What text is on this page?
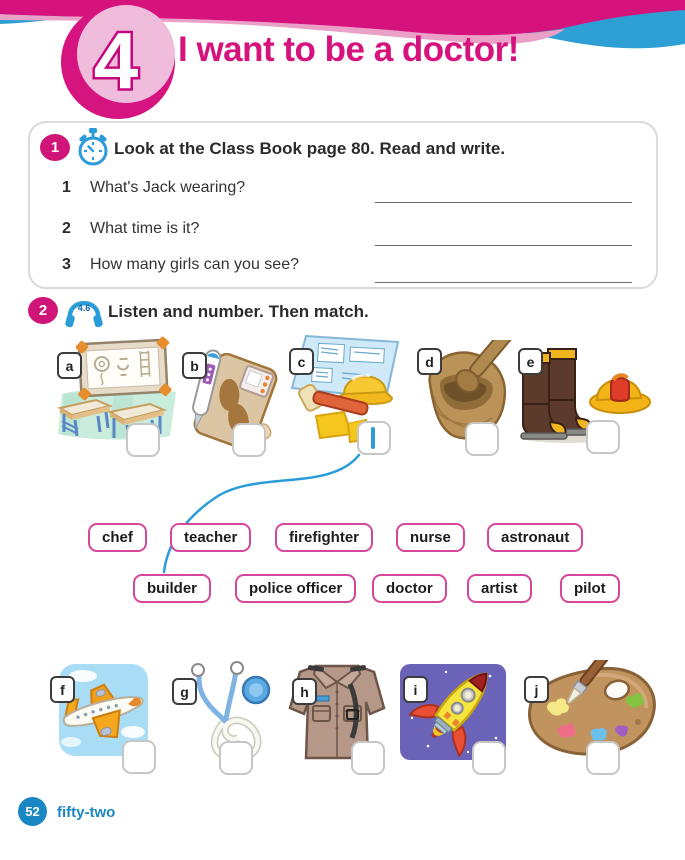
4 I want to be a doctor!
1	Look at the Class Book page 80. Read and write.
1 What's Jack wearing?
2 What time is it?
3 How many girls can you see?
2	4.6 Listen and number. Then match.
a	b	c	d	e
chef	teacher	firefighter	nurse	astronaut
builder	police officer	doctor	artist	pilot
f	g	h	i	j
52	fifty-two
